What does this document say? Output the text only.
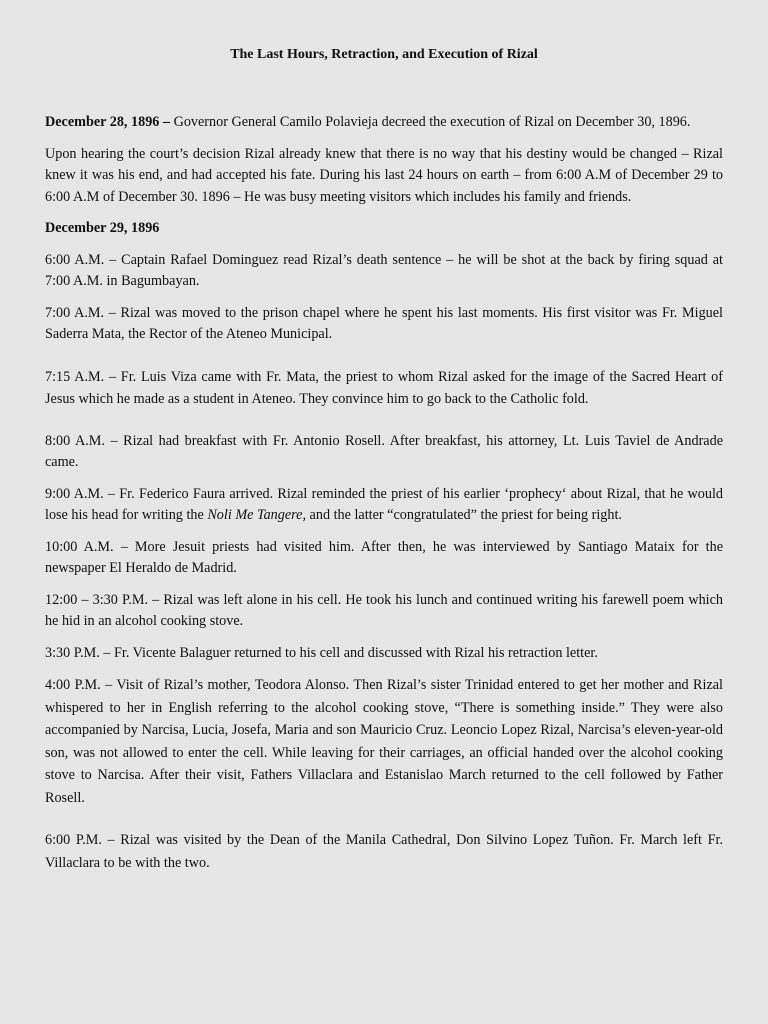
The Last Hours, Retraction, and Execution of Rizal

December 28, 1896 – Governor General Camilo Polavieja decreed the execution of Rizal on December 30, 1896.

Upon hearing the court’s decision Rizal already knew that there is no way that his destiny would be changed – Rizal knew it was his end, and had accepted his fate. During his last 24 hours on earth – from 6:00 A.M of December 29 to 6:00 A.M of December 30. 1896 – He was busy meeting visitors which includes his family and friends.

December 29, 1896

6:00 A.M. – Captain Rafael Dominguez read Rizal’s death sentence – he will be shot at the back by firing squad at 7:00 A.M. in Bagumbayan.

7:00 A.M. – Rizal was moved to the prison chapel where he spent his last moments. His first visitor was Fr. Miguel Saderra Mata, the Rector of the Ateneo Municipal.

7:15 A.M. – Fr. Luis Viza came with Fr. Mata, the priest to whom Rizal asked for the image of the Sacred Heart of Jesus which he made as a student in Ateneo. They convince him to go back to the Catholic fold.

8:00 A.M. – Rizal had breakfast with Fr. Antonio Rosell. After breakfast, his attorney, Lt. Luis Taviel de Andrade came.

9:00 A.M. – Fr. Federico Faura arrived. Rizal reminded the priest of his earlier ‘prophecy‘ about Rizal, that he would lose his head for writing the Noli Me Tangere, and the latter “congratulated” the priest for being right.

10:00 A.M. – More Jesuit priests had visited him. After then, he was interviewed by Santiago Mataix for the newspaper El Heraldo de Madrid.

12:00 – 3:30 P.M. – Rizal was left alone in his cell. He took his lunch and continued writing his farewell poem which he hid in an alcohol cooking stove.

3:30 P.M. – Fr. Vicente Balaguer returned to his cell and discussed with Rizal his retraction letter.

4:00 P.M. – Visit of Rizal’s mother, Teodora Alonso. Then Rizal’s sister Trinidad entered to get her mother and Rizal whispered to her in English referring to the alcohol cooking stove, “There is something inside.” They were also accompanied by Narcisa, Lucia, Josefa, Maria and son Mauricio Cruz. Leoncio Lopez Rizal, Narcisa’s eleven-year-old son, was not allowed to enter the cell. While leaving for their carriages, an official handed over the alcohol cooking stove to Narcisa. After their visit, Fathers Villaclara and Estanislao March returned to the cell followed by Father Rosell.

6:00 P.M. – Rizal was visited by the Dean of the Manila Cathedral, Don Silvino Lopez Tuñon. Fr. March left Fr. Villaclara to be with the two.
